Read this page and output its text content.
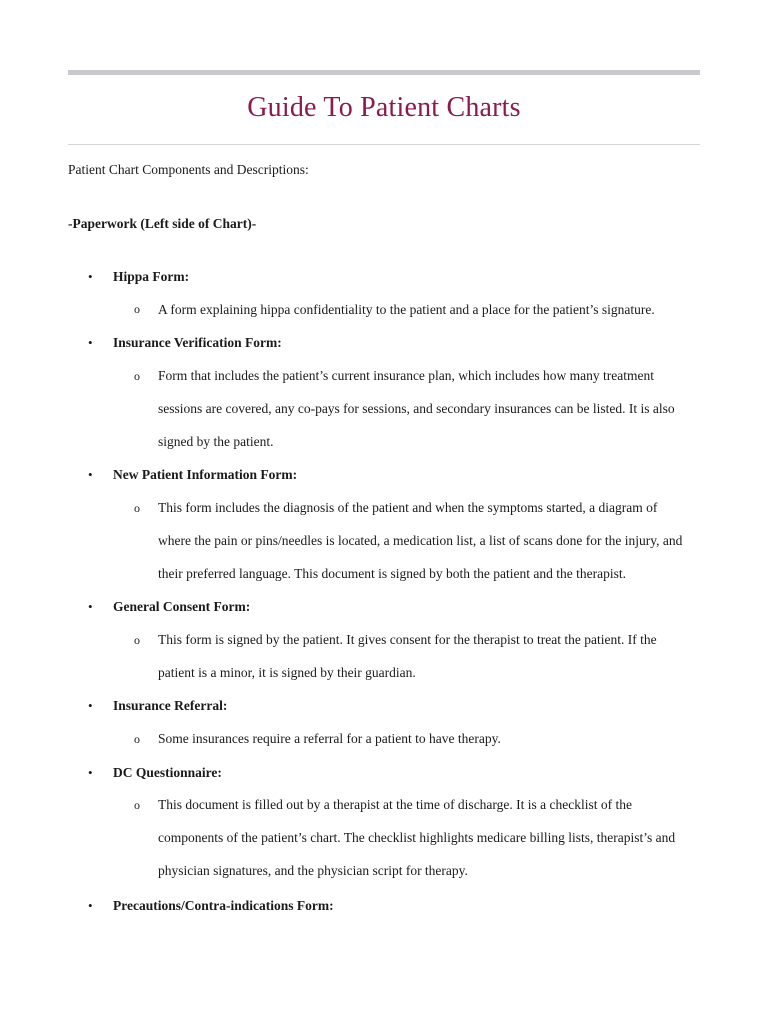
Guide To Patient Charts
Patient Chart Components and Descriptions:
-Paperwork (Left side of Chart)-
• Hippa Form:
o A form explaining hippa confidentiality to the patient and a place for the patient’s signature.
• Insurance Verification Form:
o Form that includes the patient’s current insurance plan, which includes how many treatment
sessions are covered, any co-pays for sessions, and secondary insurances can be listed. It is also
signed by the patient.
• New Patient Information Form:
o This form includes the diagnosis of the patient and when the symptoms started, a diagram of
where the pain or pins/needles is located, a medication list, a list of scans done for the injury, and
their preferred language. This document is signed by both the patient and the therapist.
• General Consent Form:
o This form is signed by the patient. It gives consent for the therapist to treat the patient. If the
patient is a minor, it is signed by their guardian.
• Insurance Referral:
o Some insurances require a referral for a patient to have therapy.
• DC Questionnaire:
o This document is filled out by a therapist at the time of discharge. It is a checklist of the
components of the patient’s chart. The checklist highlights medicare billing lists, therapist’s and
physician signatures, and the physician script for therapy.
• Precautions/Contra-indications Form:
